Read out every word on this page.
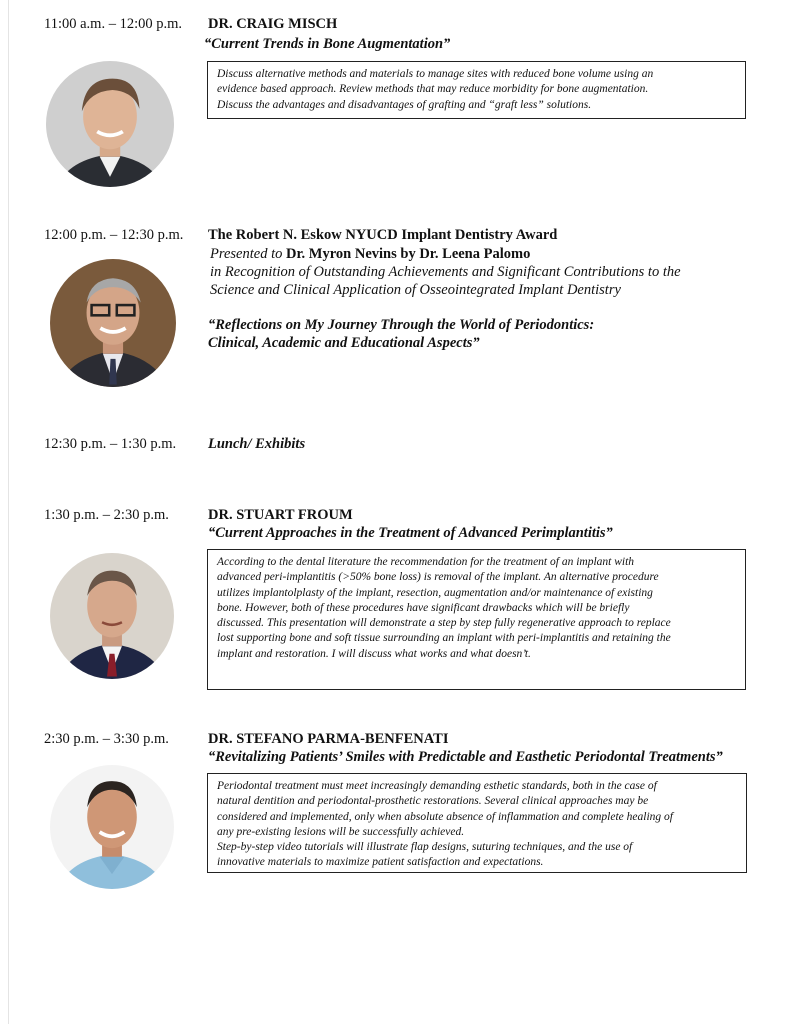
11:00 a.m. – 12:00 p.m. DR. CRAIG MISCH
“Current Trends in Bone Augmentation”
Discuss alternative methods and materials to manage sites with reduced bone volume using an
evidence based approach. Review methods that may reduce morbidity for bone augmentation.
Discuss the advantages and disadvantages of grafting and “graft less” solutions.
12:00 p.m. – 12:30 p.m. The Robert N. Eskow NYUCD Implant Dentistry Award
Presented to Dr. Myron Nevins by Dr. Leena Palomo
in Recognition of Outstanding Achievements and Significant Contributions to the
Science and Clinical Application of Osseointegrated Implant Dentistry
“Reflections on My Journey Through the World of Periodontics:
Clinical, Academic and Educational Aspects”
12:30 p.m. – 1:30 p.m. Lunch/ Exhibits
1:30 p.m. – 2:30 p.m.	DR. STUART FROUM
“Current Approaches in the Treatment of Advanced Perimplantitis”
According to the dental literature the recommendation for the treatment of an implant with
advanced peri-implantitis (>50% bone loss) is removal of the implant. An alternative procedure
utilizes implantolplasty of the implant, resection, augmentation and/or maintenance of existing
bone. However, both of these procedures have significant drawbacks which will be briefly
discussed. This presentation will demonstrate a step by step fully regenerative approach to replace
lost supporting bone and soft tissue surrounding an implant with peri-implantitis and retaining the
implant and restoration. I will discuss what works and what doesn’t.
2:30 p.m. – 3:30 p.m.	DR. STEFANO PARMA-BENFENATI
“Revitalizing Patients’ Smiles with Predictable and Easthetic Periodontal Treatments”
Periodontal treatment must meet increasingly demanding esthetic standards, both in the case of
natural dentition and periodontal-prosthetic restorations. Several clinical approaches may be
considered and implemented, only when absolute absence of inflammation and complete healing of
any pre-existing lesions will be successfully achieved.
Step-by-step video tutorials will illustrate flap designs, suturing techniques, and the use of
innovative materials to maximize patient satisfaction and expectations.
